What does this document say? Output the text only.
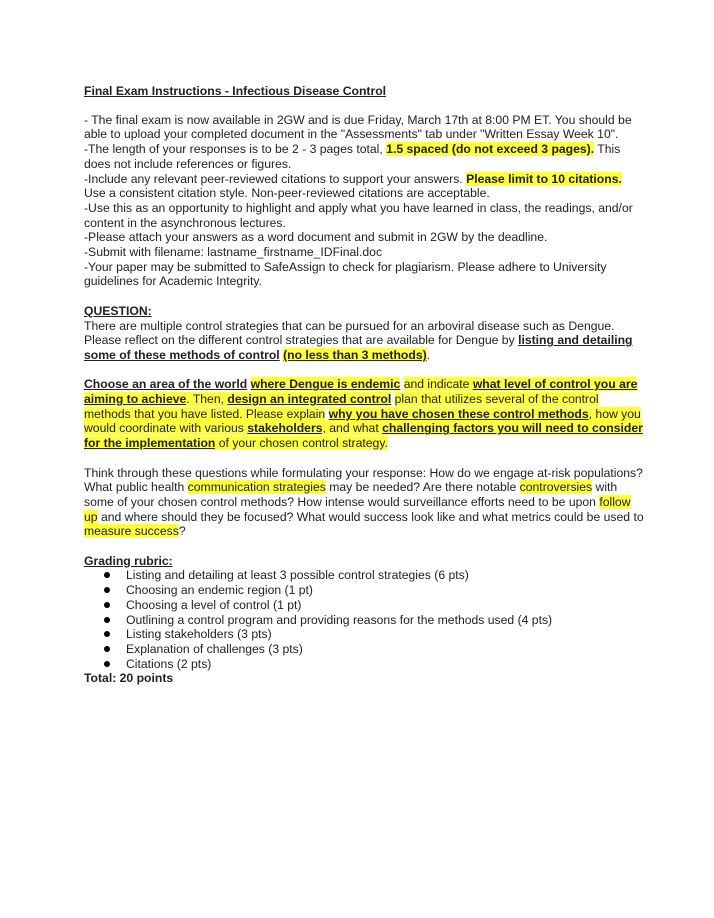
Final Exam Instructions - Infectious Disease Control

- The final exam is now available in 2GW and is due Friday, March 17th at 8:00 PM ET. You should be able to upload your completed document in the "Assessments" tab under "Written Essay Week 10".

-The length of your responses is to be 2 - 3 pages total, 1.5 spaced (do not exceed 3 pages). This does not include references or figures.

-Include any relevant peer-reviewed citations to support your answers. Please limit to 10 citations. Use a consistent citation style. Non-peer-reviewed citations are acceptable.

-Use this as an opportunity to highlight and apply what you have learned in class, the readings, and/or content in the asynchronous lectures.

-Please attach your answers as a word document and submit in 2GW by the deadline.

-Submit with filename: lastname_firstname_IDFinal.doc

-Your paper may be submitted to SafeAssign to check for plagiarism. Please adhere to University guidelines for Academic Integrity.

QUESTION:

There are multiple control strategies that can be pursued for an arboviral disease such as Dengue. Please reflect on the different control strategies that are available for Dengue by listing and detailing some of these methods of control (no less than 3 methods).

Choose an area of the world where Dengue is endemic and indicate what level of control you are aiming to achieve. Then, design an integrated control plan that utilizes several of the control methods that you have listed. Please explain why you have chosen these control methods, how you would coordinate with various stakeholders, and what challenging factors you will need to consider for the implementation of your chosen control strategy.

Think through these questions while formulating your response: How do we engage at-risk populations? What public health communication strategies may be needed? Are there notable controversies with some of your chosen control methods? How intense would surveillance efforts need to be upon follow up and where should they be focused? What would success look like and what metrics could be used to measure success?

Grading rubric:

Listing and detailing at least 3 possible control strategies (6 pts)
Choosing an endemic region (1 pt)
Choosing a level of control (1 pt)
Outlining a control program and providing reasons for the methods used (4 pts)
Listing stakeholders (3 pts)
Explanation of challenges (3 pts)
Citations (2 pts)

Total: 20 points
